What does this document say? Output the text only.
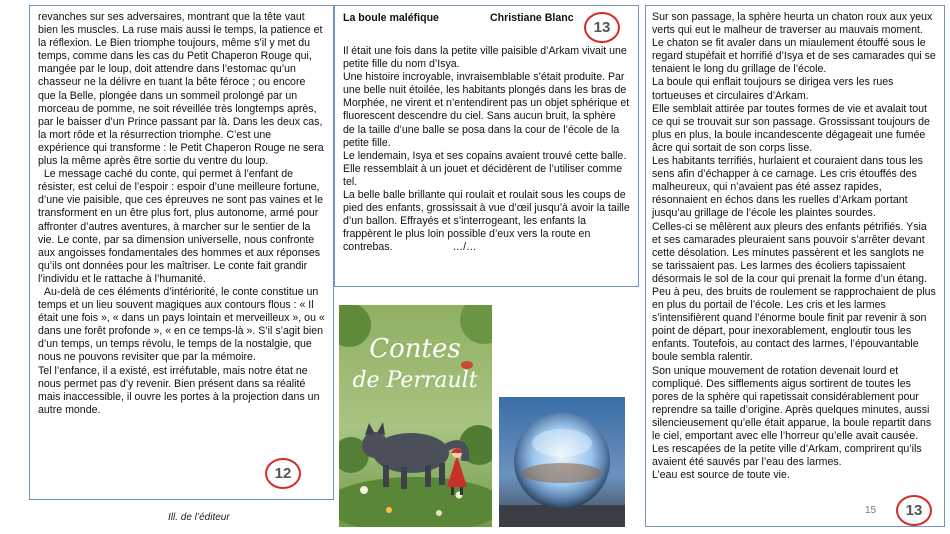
revanches sur ses adversaires, montrant que la tête vaut bien les muscles. La ruse mais aussi le temps, la patience et la réflexion. Le Bien triomphe toujours, même s’il y met du temps, comme dans les cas du Petit Chaperon Rouge qui, mangée par le loup, doit attendre dans l’estomac qu’un chasseur ne la délivre en tuant la bête féroce ; ou encore que la Belle, plongée dans un sommeil prolongé par un morceau de pomme, ne soit réveillée très longtemps après, par le baisser d’un Prince passant par là. Dans les deux cas, la mort rôde et la résurrection triomphe. C’est une expérience qui transforme : le Petit Chaperon Rouge ne sera plus la même après être sortie du ventre du loup.

Le message caché du conte, qui permet à l’enfant de résister, est celui de l’espoir : espoir d’une meilleure fortune, d’une vie paisible, que ces épreuves ne sont pas vaines et le transforment en un être plus fort, plus autonome, armé pour affronter d’autres aventures, à marcher sur le sentier de la vie. Le conte, par sa dimension universelle, nous confronte aux angoisses fondamentales des hommes et aux réponses qu’ils ont données pour les maîtriser. Le conte fait grandir l’individu et le rattache à l’humanité.

Au-delà de ces éléments d’intériorité, le conte constitue un temps et un lieu souvent magiques aux contours flous : « Il était une fois », « dans un pays lointain et merveilleux », ou « dans une forêt profonde », « en ce temps-là ». S’il s’agit bien d’un temps, un temps révolu, le temps de la nostalgie, que nous ne pouvons revisiter que par la mémoire.

Tel l’enfance, il a existé, est irréfutable, mais notre état ne nous permet pas d’y revenir. Bien présent dans sa réalité mais inaccessible, il ouvre les portes à la projection dans un autre monde.

12
Ill. de l’éditeur
La boule maléfique	Christiane Blanc

Il était une fois dans la petite ville paisible d’Arkam vivait une petite fille du nom d’Isya.

Une histoire incroyable, invraisemblable s’était produite. Par une belle nuit étoilée, les habitants plongés dans les bras de Morphée, ne virent et n’entendirent pas un objet sphérique et fluorescent descendre du ciel. Sans aucun bruit, la sphère de la taille d’une balle se posa dans la cour de l’école de la petite fille.

Le lendemain, Isya et ses copains avaient trouvé cette balle. Elle ressemblait à un jouet et décidèrent de l’utiliser comme tel.

La belle balle brillante qui roulait et roulait sous les coups de pied des enfants, grossissait à vue d’œil jusqu’à avoir la taille d’un ballon. Effrayés et s’interrogeant, les enfants la frappèrent le plus loin possible d’eux vers la route en contrebas.	…/…

13
Contes
de Perrault

Sur son passage, la sphère heurta un chaton roux aux yeux verts qui eut le malheur de traverser au mauvais moment.

Le chaton se fit avaler dans un miaulement étouffé sous le regard stupéfait et horrifié d’Isya et de ses camarades qui se tenaient le long du grillage de l’école.

La boule qui enflait toujours se dirigea vers les rues tortueuses et circulaires d’Arkam.

Elle semblait attirée par toutes formes de vie et avalait tout ce qui se trouvait sur son passage. Grossissant toujours de plus en plus, la boule incandescente dégageait une fumée âcre qui sortait de son corps lisse.

Les habitants terrifiés, hurlaient et couraient dans tous les sens afin d’échapper à ce carnage. Les cris étouffés des malheureux, qui n’avaient pas été assez rapides, résonnaient en échos dans les ruelles d’Arkam portant jusqu’au grillage de l’école les plaintes sourdes.

Celles-ci se mêlèrent aux pleurs des enfants pétrifiés. Ysia et ses camarades pleuraient sans pouvoir s’arrêter devant cette désolation. Les minutes passèrent et les sanglots ne se tarissaient pas. Les larmes des écoliers tapissaient désormais le sol de la cour qui prenait la forme d’un étang.

Peu à peu, des bruits de roulement se rapprochaient de plus en plus du portail de l’école. Les cris et les larmes s’intensifièrent quand l’énorme boule finit par revenir à son point de départ, pour inexorablement, engloutir tous les enfants. Toutefois, au contact des larmes, l’épouvantable boule sembla ralentir.

Son unique mouvement de rotation devenait lourd et compliqué. Des sifflements aigus sortirent de toutes les pores de la sphère qui rapetissait considérablement pour reprendre sa taille d’origine. Après quelques minutes, aussi silencieusement qu’elle était apparue, la boule repartit dans le ciel, emportant avec elle l’horreur qu’elle avait causée.

Les rescapées de la petite ville d’Arkam, comprirent qu’ils avaient été sauvés par l’eau des larmes.

L’eau est source de toute vie.

15	13
